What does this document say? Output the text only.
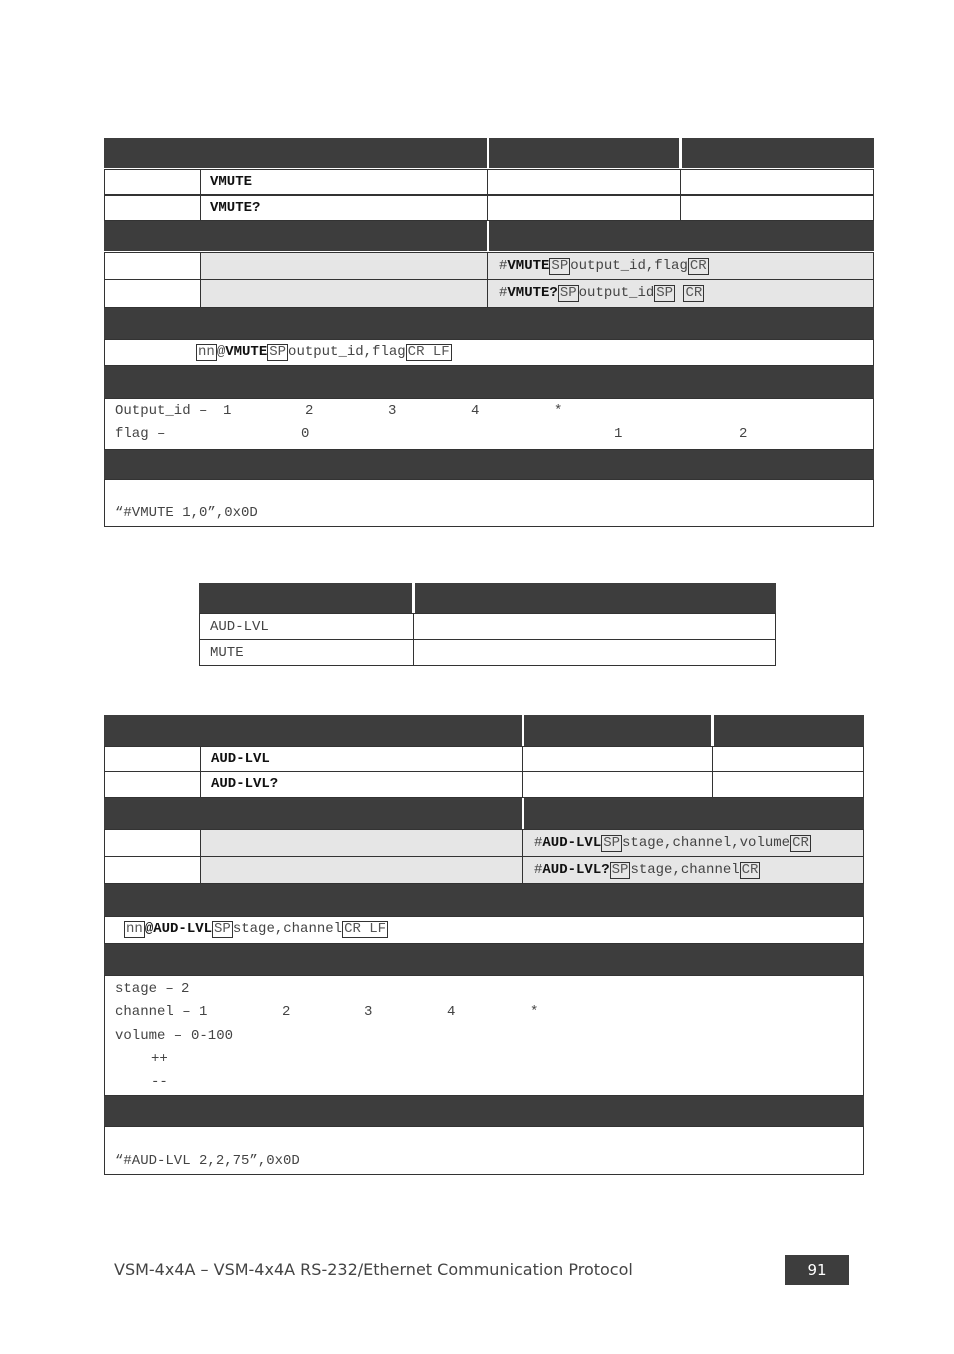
VMUTE
VMUTE?
#VMUTE SP output_id,flag CR
#VMUTE? SP output_id SP CR
nn @VMUTE SP output_id,flag CR LF
Output_id – 1	2	3	4	*
flag –	0	1	2
“#VMUTE 1,0”,0x0D
AUD-LVL
MUTE
AUD-LVL
AUD-LVL?
#AUD-LVL SP stage,channel,volume CR
#AUD-LVL? SP stage,channel CR
nn @AUD-LVL SP stage,channel CR LF
stage – 2
channel – 1	2	3	4	*
volume – 0-100
++
--
“#AUD-LVL 2,2,75”,0x0D
VSM-4x4A – VSM-4x4A RS-232/Ethernet Communication Protocol	91
